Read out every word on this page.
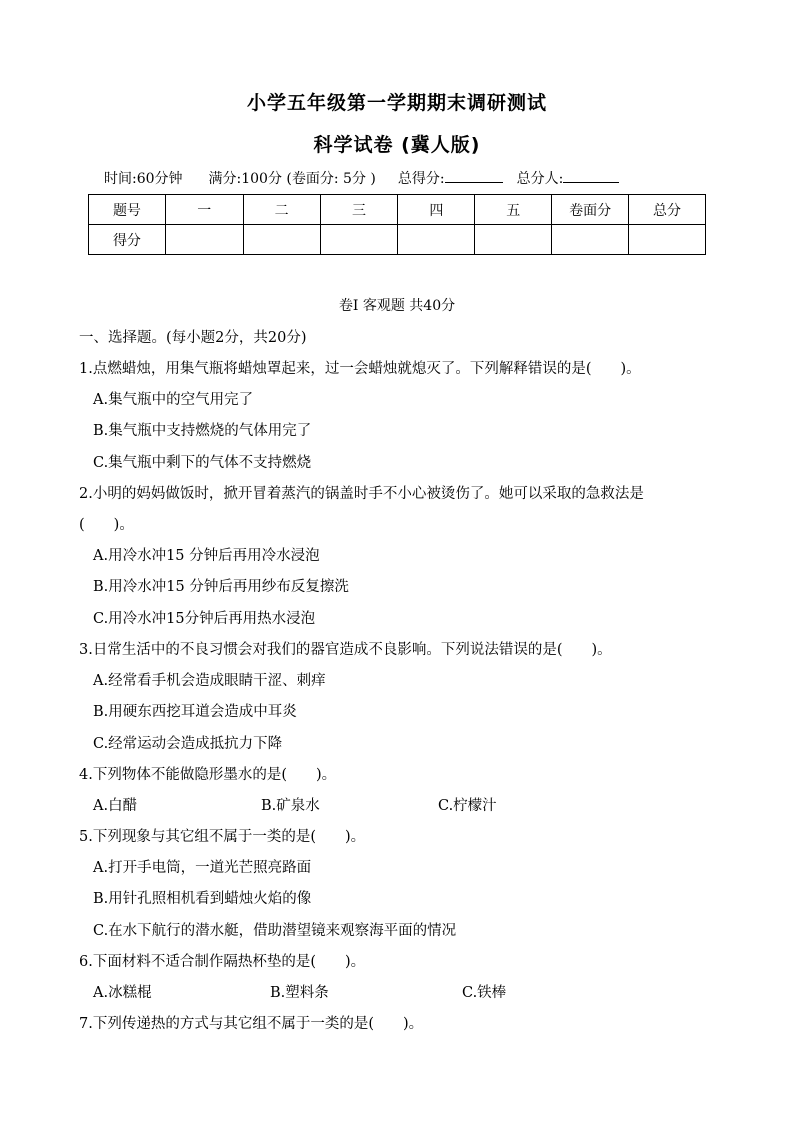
小学五年级第一学期期末调研测试
科学试卷 (冀人版)
时间:60分钟 满分:100分 (卷面分: 5分 ) 总得分:	总分人:
题号	一	二	三	四	五	卷面分	总分
得分							
卷Ⅰ 客观题 共40分
一、选择题。(每小题2分，共20分)
1.点燃蜡烛，用集气瓶将蜡烛罩起来，过一会蜡烛就熄灭了。下列解释错误的是(　　)。
A.集气瓶中的空气用完了
B.集气瓶中支持燃烧的气体用完了
C.集气瓶中剩下的气体不支持燃烧
2.小明的妈妈做饭时，掀开冒着蒸汽的锅盖时手不小心被烫伤了。她可以采取的急救法是
(　　)。
A.用冷水冲15 分钟后再用冷水浸泡
B.用冷水冲15 分钟后再用纱布反复擦洗
C.用冷水冲15分钟后再用热水浸泡
3.日常生活中的不良习惯会对我们的器官造成不良影响。下列说法错误的是(　　)。
A.经常看手机会造成眼睛干涩、刺痒
B.用硬东西挖耳道会造成中耳炎
C.经常运动会造成抵抗力下降
4.下列物体不能做隐形墨水的是(　　)。
A.白醋	B.矿泉水	C.柠檬汁
5.下列现象与其它组不属于一类的是(　　)。
A.打开手电筒，一道光芒照亮路面
B.用针孔照相机看到蜡烛火焰的像
C.在水下航行的潜水艇，借助潜望镜来观察海平面的情况
6.下面材料不适合制作隔热杯垫的是(　　)。
A.冰糕棍	B.塑料条	C.铁棒
7.下列传递热的方式与其它组不属于一类的是(　　)。
